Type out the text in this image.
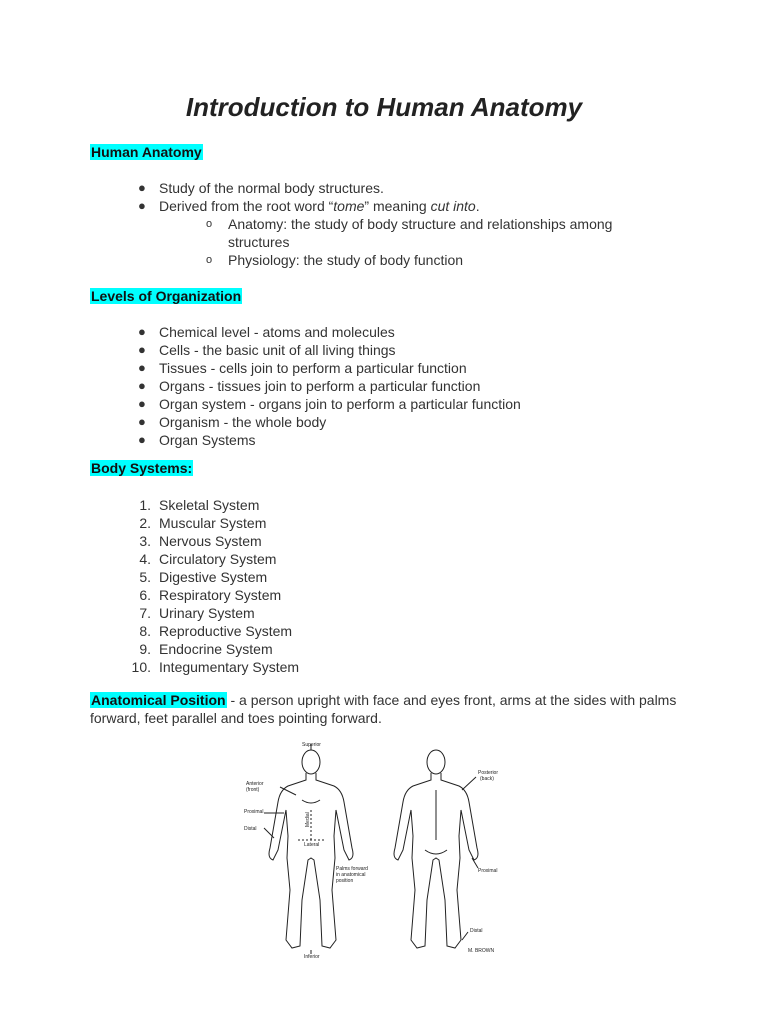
Introduction to Human Anatomy
Human Anatomy
● Study of the normal body structures.
● Derived from the root word “tome” meaning cut into.
o Anatomy: the study of body structure and relationships among
structures
o Physiology: the study of body function
Levels of Organization
● Chemical level - atoms and molecules
● Cells - the basic unit of all living things
● Tissues - cells join to perform a particular function
● Organs - tissues join to perform a particular function
● Organ system - organs join to perform a particular function
● Organism - the whole body
● Organ Systems
Body Systems:
1. Skeletal System
2. Muscular System
3. Nervous System
4. Circulatory System
5. Digestive System
6. Respiratory System
7. Urinary System
8. Reproductive System
9. Endocrine System
10. Integumentary System
Anatomical Position - a person upright with face and eyes front, arms at the sides with palms forward, feet parallel and toes pointing forward.
Superior
Anterior
(front)
Proximal
Distal
Medial
Lateral
Palms forward
in anatomical
position
Inferior
Posterior
(back)
Proximal
Distal
M. BROWN
